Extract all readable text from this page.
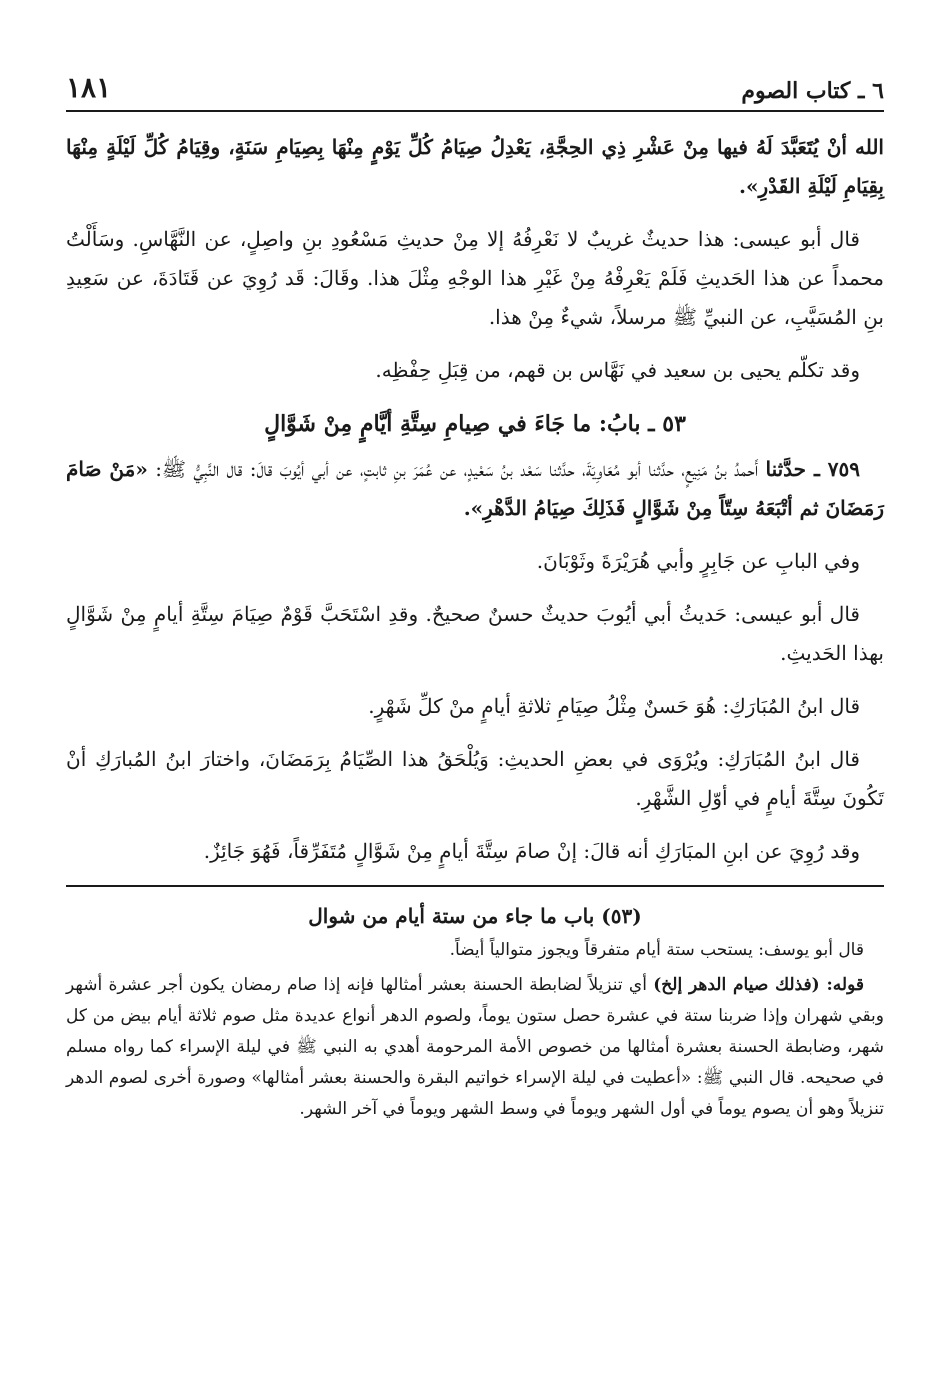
٦ ـ كتاب الصوم
١٨١

الله أنْ يُتَعَبَّدَ لَهُ فيها مِنْ عَشْرِ ذِي الحِجَّةِ، يَعْدِلُ صِيَامُ كُلِّ يَوْمٍ مِنْهَا بِصِيَامِ سَنَةٍ، وقِيَامُ كُلِّ لَيْلَةٍ مِنْهَا بِقِيَامِ لَيْلَةِ القَدْرِ».

قال أبو عيسى: هذا حديثٌ غريبٌ لا نَعْرِفُهُ إلا مِنْ حديثِ مَسْعُودِ بنِ واصِلٍ، عن النَّهَّاسِ. وسَأَلْتُ محمداً عن هذا الحَديثِ فَلَمْ يَعْرِفْهُ مِنْ غَيْرِ هذا الوجْهِ مِثْلَ هذا. وقَالَ: قَد رُوِيَ عن قَتَادَةَ، عن سَعِيدِ بنِ المُسَيَّبِ، عن النبيِّ ﷺ مرسلاً، شيءٌ مِنْ هذا.

وقد تكلّم يحيى بن سعيد في نَهَّاس بن قهم، من قِبَلِ حِفْظِه.

٥٣ ـ بابُ: ما جَاءَ في صِيامِ سِتَّةِ أيَّامٍ مِنْ شَوَّالٍ

٧٥٩ ـ حدَّثنا أَحمدُ بنُ مَنِيعٍ، حدَّثنا أبو مُعَاوِيَةَ، حدَّثنا سَعْد بنُ سَعْيدٍ، عن عُمَرَ بنِ ثابتٍ، عن أبي أيُوبَ قالَ: قال النَّبِيُّ ﷺ: «مَنْ صَامَ رَمَضَانَ ثم أتْبَعَهُ سِتّاً مِنْ شَوَّالٍ فَذَلِكَ صِيَامُ الدَّهْرِ».

وفي البابِ عن جَابِرٍ وأبي هُرَيْرَةَ وثَوْبَانَ.

قال أبو عيسى: حَديثُ أبي أيُوبَ حديثٌ حسنٌ صحيحٌ. وقدِ اسْتَحَبَّ قَوْمٌ صِيَامَ سِتَّةِ أيامٍ مِنْ شَوَّالٍ بهذا الحَديثِ.

قال ابنُ المُبَارَكِ: هُوَ حَسنٌ مِثْلُ صِيَامِ ثلاثةِ أيامٍ منْ كلِّ شَهْرٍ.

قال ابنُ المُبَارَكِ: ويُرْوَى في بعضِ الحديثِ: وَيُلْحَقُ هذا الصِّيَامُ بِرَمَضَانَ، واختارَ ابنُ المُبارَكِ أنْ تَكُونَ سِتَّةَ أيامٍ في أوّلِ الشَّهْرِ.

وقد رُوِيَ عن ابنِ المبَارَكِ أنه قالَ: إنْ صامَ سِتَّةَ أيامٍ مِنْ شَوَّالٍ مُتَفَرِّقاً، فَهُوَ جَائِزٌ.

(٥٣) باب ما جاء من ستة أيام من شوال

قال أبو يوسف: يستحب ستة أيام متفرقاً ويجوز متوالياً أيضاً.

قوله: (فذلك صيام الدهر إلخ) أي تنزيلاً لضابطة الحسنة بعشر أمثالها فإنه إذا صام رمضان يكون أجر عشرة أشهر وبقي شهران وإذا ضربنا ستة في عشرة حصل ستون يوماً، ولصوم الدهر أنواع عديدة مثل صوم ثلاثة أيام بيض من كل شهر، وضابطة الحسنة بعشرة أمثالها من خصوص الأمة المرحومة أهدي به النبي ﷺ في ليلة الإسراء كما رواه مسلم في صحيحه. قال النبي ﷺ: «أعطيت في ليلة الإسراء خواتيم البقرة والحسنة بعشر أمثالها» وصورة أخرى لصوم الدهر تنزيلاً وهو أن يصوم يوماً في أول الشهر ويوماً في وسط الشهر ويوماً في آخر الشهر.
